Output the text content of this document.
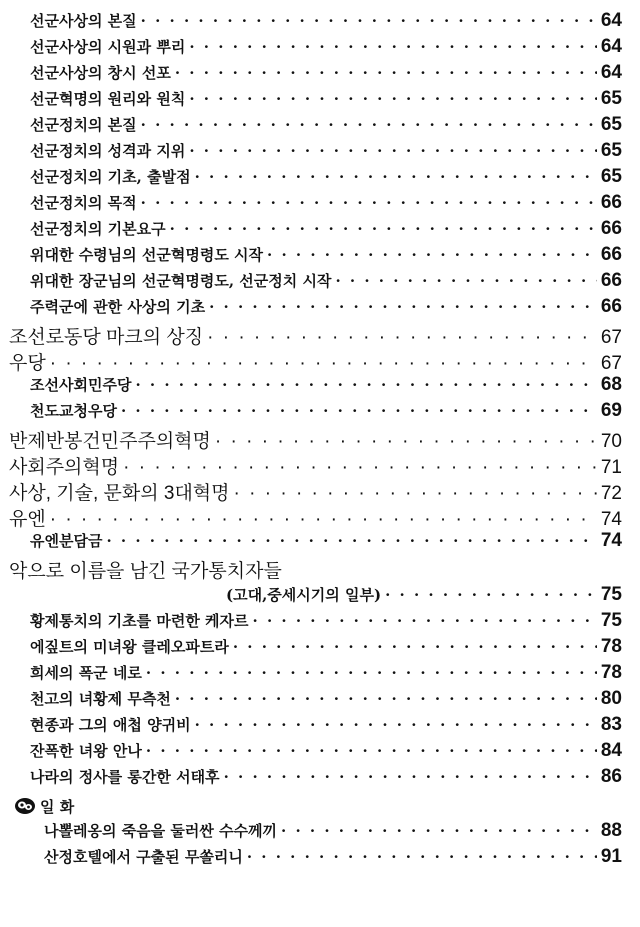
선군사상의 본질 · · ·	64
선군사상의 시원과 뿌리 · · ·	64
선군사상의 창시 선포 · · ·	64
선군혁명의 원리와 원칙 · · ·	65
선군정치의 본질 · · ·	65
선군정치의 성격과 지위 · · ·	65
선군정치의 기초, 출발점 · · ·	65
선군정치의 목적 · · ·	66
선군정치의 기본요구 · · ·	66
위대한 수령님의 선군혁명령도 시작 · · ·	66
위대한 장군님의 선군혁명령도, 선군정치 시작 · · ·	66
주력군에 관한 사상의 기초 · · ·	66
조선로동당 마크의 상징 · · ·	67
우당 · · ·	67
조선사회민주당 · · ·	68
천도교청우당 · · ·	69
반제반봉건민주주의혁명 · · ·	70
사회주의혁명 · · ·	71
사상, 기술, 문화의 3대혁명 · · ·	72
유엔 · · ·	74
유엔분담금 · · ·	74
악으로 이름을 남긴 국가통치자들
(고대,중세시기의 일부) · · ·	75
황제통치의 기초를 마련한 케자르 · · ·	75
에짚트의 미녀왕 클레오파트라 · · ·	78
희세의 폭군 네로 · · ·	78
천고의 녀황제 무측천 · · ·	80
현종과 그의 애첩 양귀비 · · ·	83
잔폭한 녀왕 안나 · · ·	84
나라의 정사를 롱간한 서태후 · · ·	86
일 화
나뽈레옹의 죽음을 둘러싼 수수께끼 · · ·	88
산정호텔에서 구출된 무쏠리니 · · ·	91
